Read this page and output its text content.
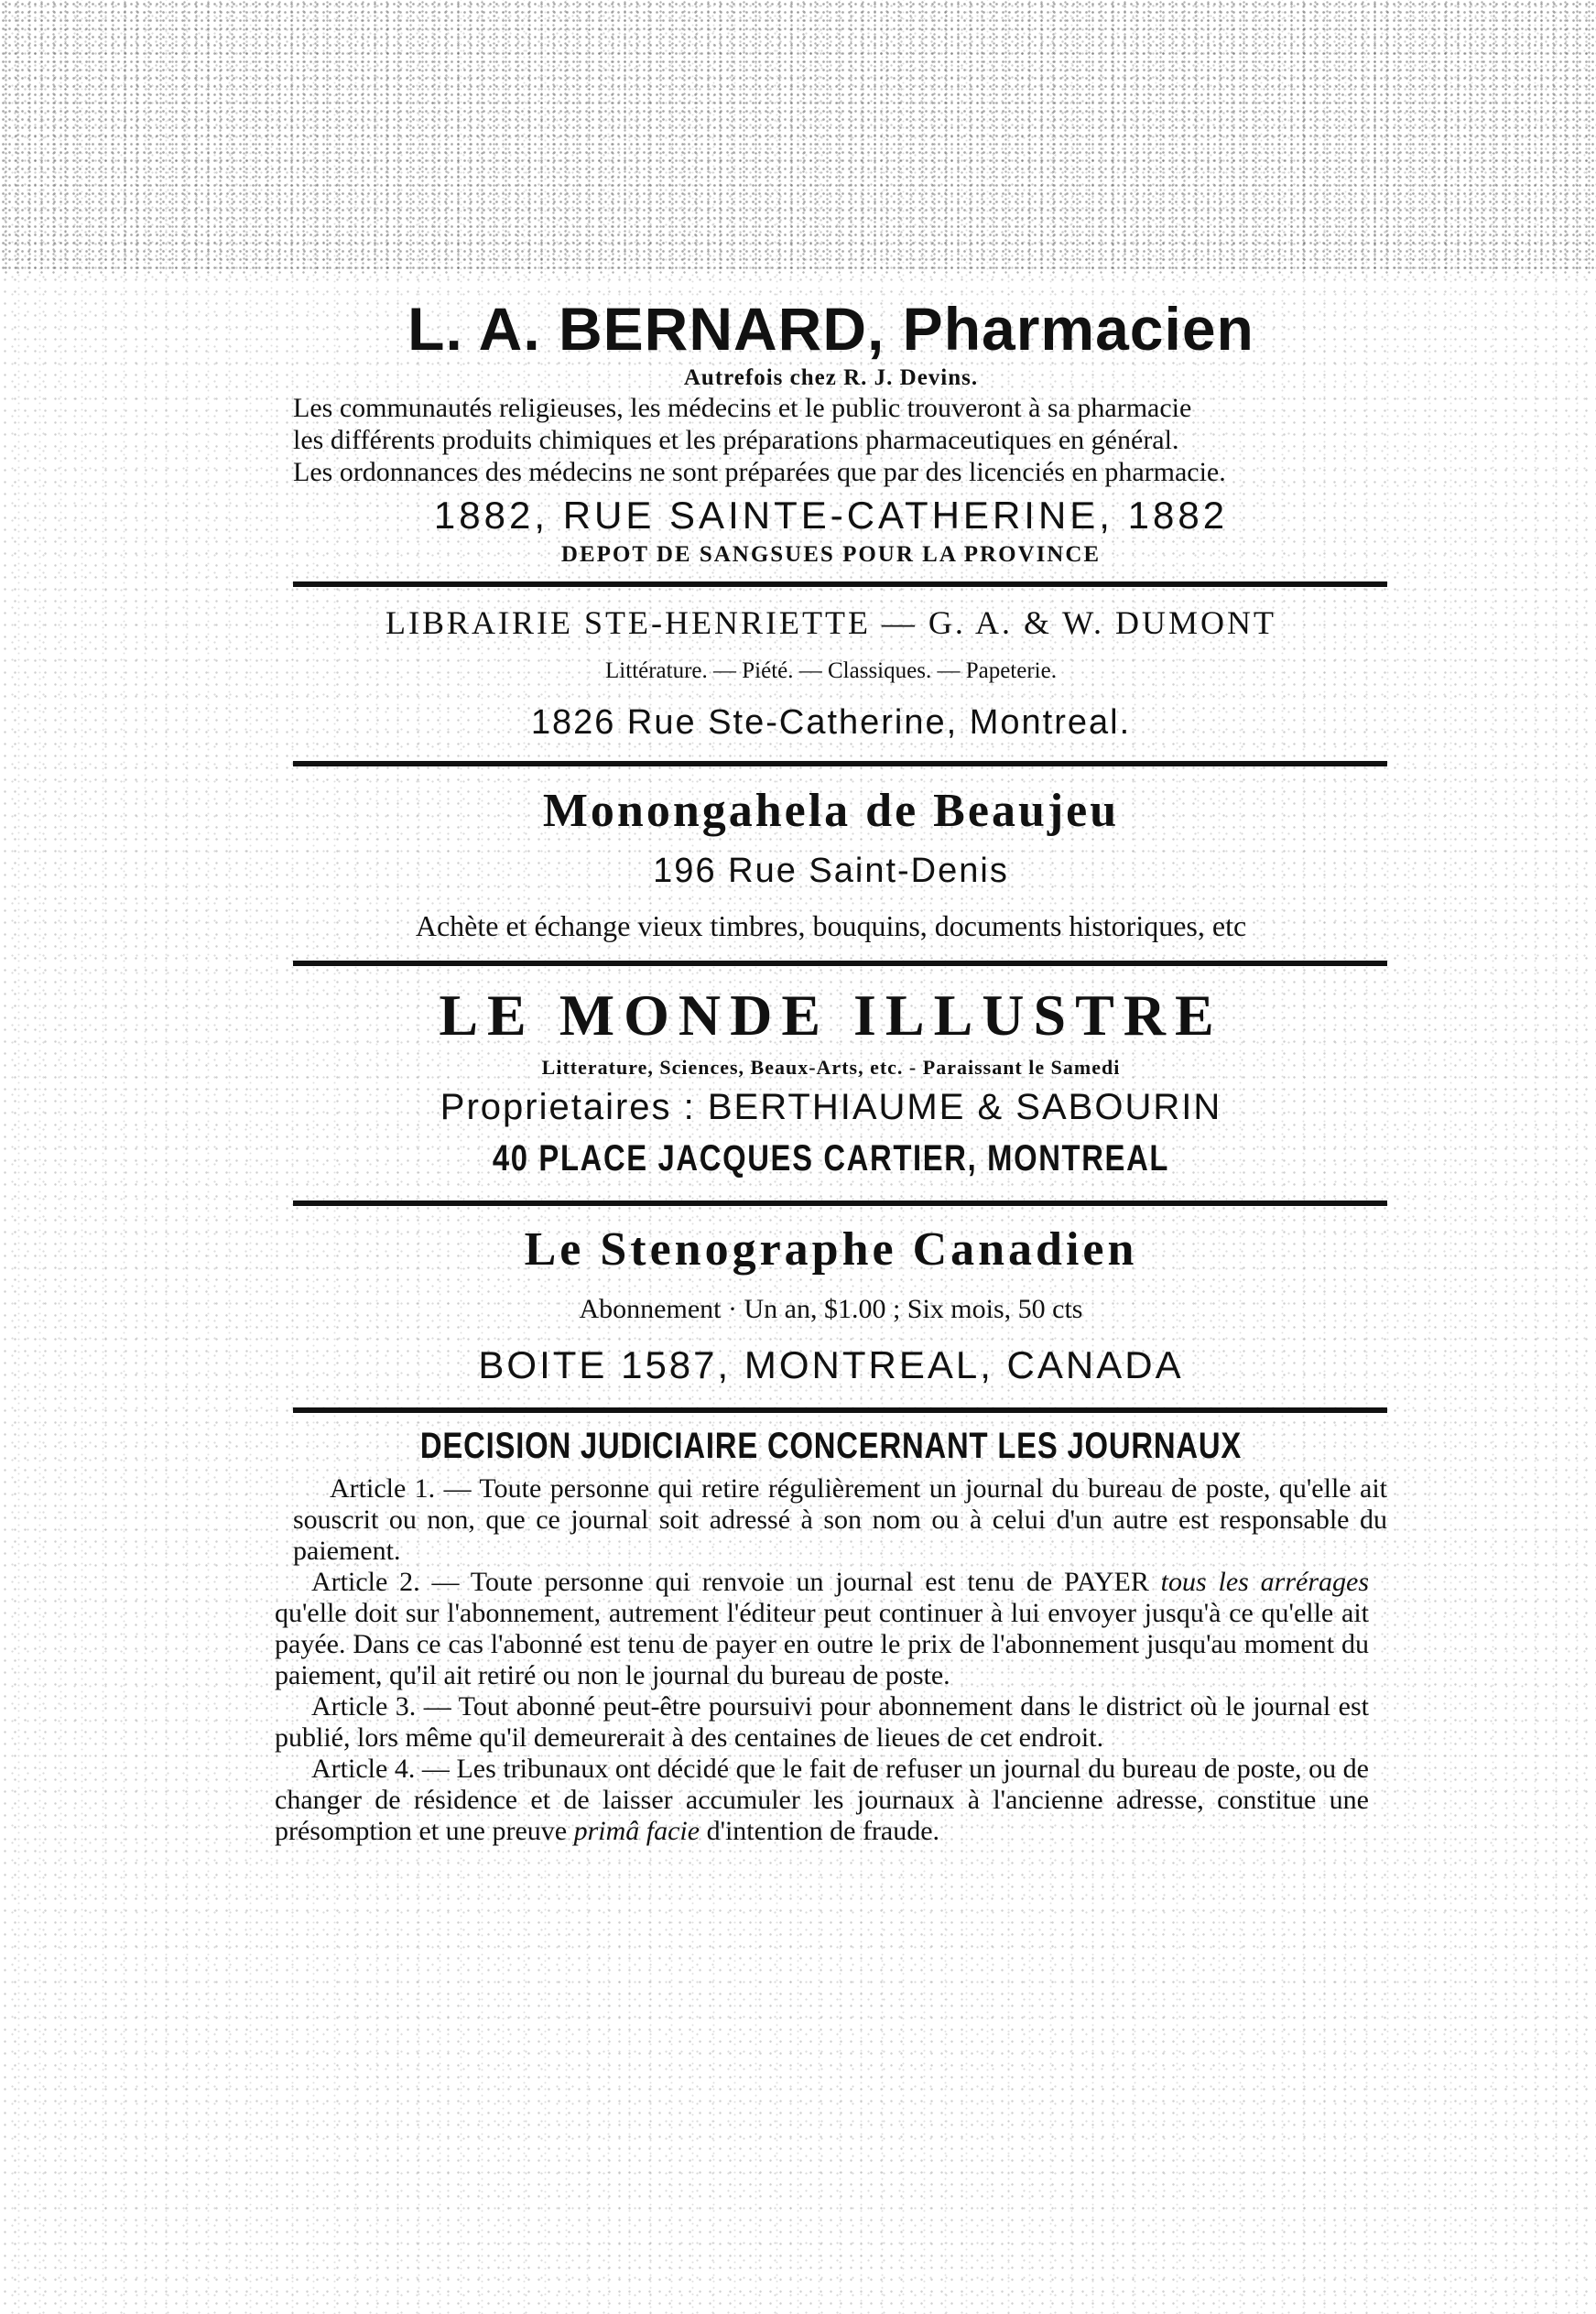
L. A. BERNARD, Pharmacien
Autrefois chez R. J. Devins.
Les communautés religieuses, les médecins et le public trouveront à sa pharmacie
les différents produits chimiques et les préparations pharmaceutiques en général.
Les ordonnances des médecins ne sont préparées que par des licenciés en pharmacie.
1882, RUE SAINTE-CATHERINE, 1882
DEPOT DE SANGSUES POUR LA PROVINCE
LIBRAIRIE STE-HENRIETTE — G. A. & W. DUMONT
Littérature. — Piété. — Classiques. — Papeterie.
1826 Rue Ste-Catherine, Montreal.
Monongahela de Beaujeu
196 Rue Saint-Denis
Achète et échange vieux timbres, bouquins, documents historiques, etc
LE MONDE ILLUSTRE
Litterature, Sciences, Beaux-Arts, etc. - Paraissant le Samedi
Proprietaires : BERTHIAUME & SABOURIN
40 PLACE JACQUES CARTIER, MONTREAL
Le Stenographe Canadien
Abonnement · Un an, $1.00 ; Six mois, 50 cts
BOITE 1587, MONTREAL, CANADA
DECISION JUDICIAIRE CONCERNANT LES JOURNAUX

Article 1. — Toute personne qui retire régulièrement un journal du bureau de poste, qu'elle ait souscrit ou non, que ce journal soit adressé à son nom ou à celui d'un autre est responsable du paiement.

Article 2. — Toute personne qui renvoie un journal est tenu de PAYER tous les arrérages qu'elle doit sur l'abonnement, autrement l'éditeur peut continuer à lui envoyer jusqu'à ce qu'elle ait payée. Dans ce cas l'abonné est tenu de payer en outre le prix de l'abonnement jusqu'au moment du paiement, qu'il ait retiré ou non le journal du bureau de poste.

Article 3. — Tout abonné peut-être poursuivi pour abonnement dans le district où le journal est publié, lors même qu'il demeurerait à des centaines de lieues de cet endroit.

Article 4. — Les tribunaux ont décidé que le fait de refuser un journal du bureau de poste, ou de changer de résidence et de laisser accumuler les journaux à l'ancienne adresse, constitue une présomption et une preuve primâ facie d'intention de fraude.
